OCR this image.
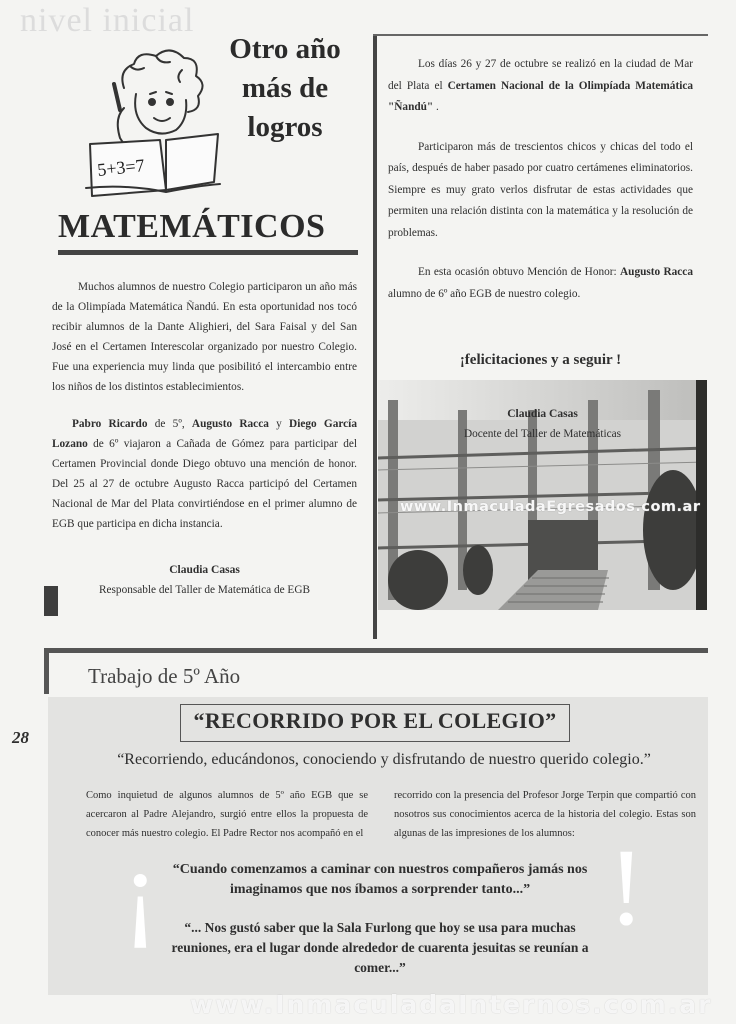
nivel inicial
5+3=7
Otro año más de logros
MATEMÁTICOS

Muchos alumnos de nuestro Colegio participaron un año más de la Olimpíada Matemática Ñandú. En esta oportunidad nos tocó recibir alumnos de la Dante Alighieri, del Sara Faisal y del San José en el Certamen Interescolar organizado por nuestro Colegio. Fue una experiencia muy linda que posibilitó el intercambio entre los niños de los distintos establecimientos.

Pabro Ricardo de 5º, Augusto Racca y Diego García Lozano de 6º viajaron a Cañada de Gómez para participar del Certamen Provincial donde Diego obtuvo una mención de honor. Del 25 al 27 de octubre Augusto Racca participó del Certamen Nacional de Mar del Plata convirtiéndose en el primer alumno de EGB que participa en dicha instancia.

Claudia Casas
Responsable del Taller de Matemática de EGB

Los días 26 y 27 de octubre se realizó en la ciudad de Mar del Plata el Certamen Nacional de la Olimpíada Matemática "Ñandú" .

Participaron más de trescientos chicos y chicas del todo el país, después de haber pasado por cuatro certámenes eliminatorios. Siempre es muy grato verlos disfrutar de estas actividades que permiten una relación distinta con la matemática y la resolución de problemas.

En esta ocasión obtuvo Mención de Honor: Augusto Racca alumno de 6º año EGB de nuestro colegio.

¡felicitaciones y a seguir !
Claudia Casas
Docente del Taller de Matemáticas
Trabajo de 5º Año
“RECORRIDO POR EL COLEGIO”
“Recorriendo, educándonos, conociendo y disfrutando de nuestro querido colegio.”
28
¡	!
Como inquietud de algunos alumnos de 5º año EGB que se acercaron al Padre Alejandro, surgió entre ellos la propuesta de conocer más nuestro colegio. El Padre Rector nos acompañó en el
recorrido con la presencia del Profesor Jorge Terpin que compartió con nosotros sus conocimientos acerca de la historia del colegio. Estas son algunas de las impresiones de los alumnos:
“Cuando comenzamos a caminar con nuestros compañeros jamás nos imaginamos que nos íbamos a sorprender tanto...”
“... Nos gustó saber que la Sala Furlong que hoy se usa para muchas reuniones, era el lugar donde alrededor de cuarenta jesuitas se reunían a comer...”
www.InmaculadaEgresados.com.ar
www.InmaculadaInternos.com.ar
